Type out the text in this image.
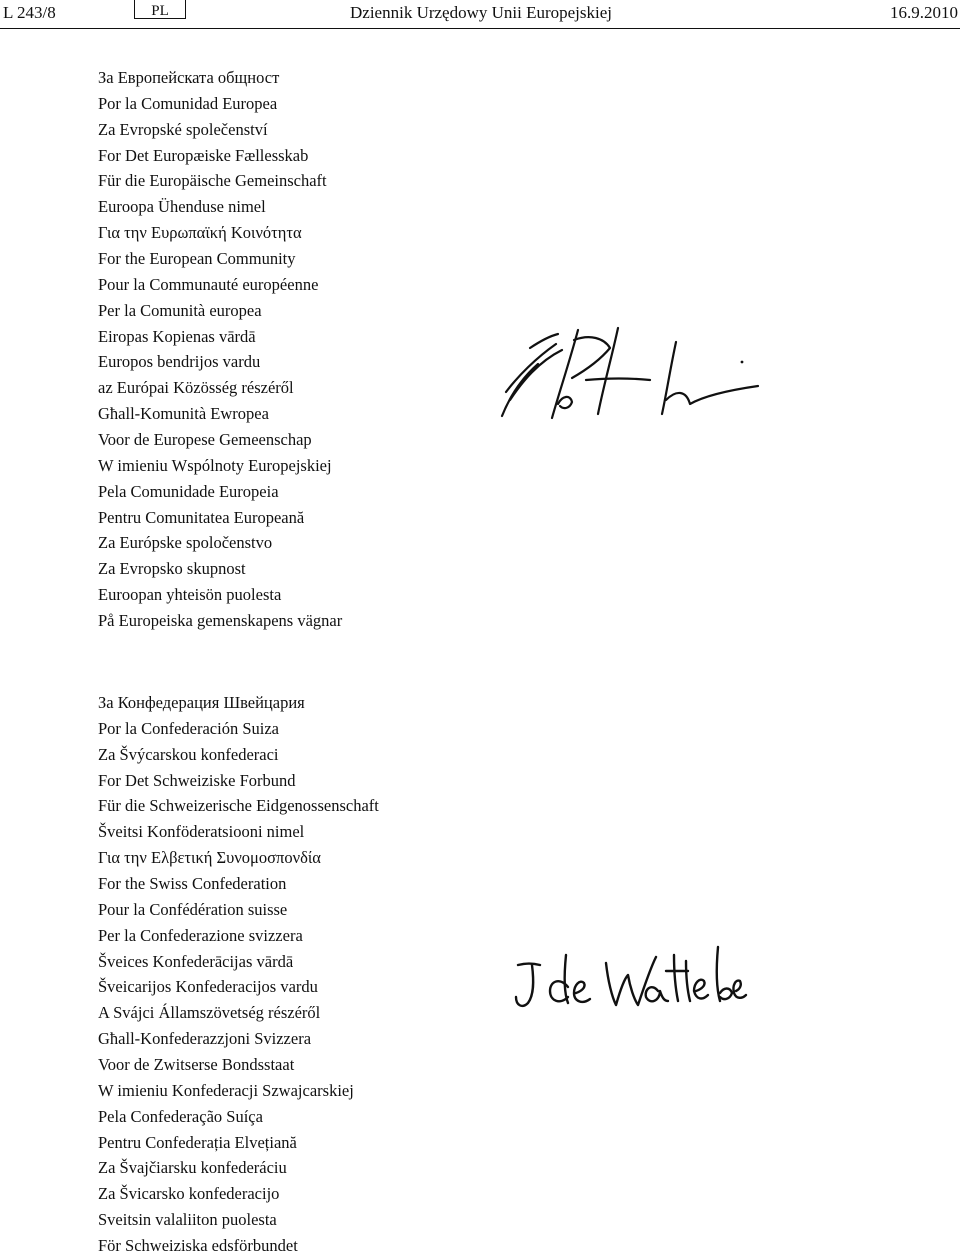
L 243/8	PL	Dziennik Urzędowy Unii Europejskiej	16.9.2010
За Европейската общност
Por la Comunidad Europea
Za Evropské společenství
For Det Europæiske Fællesskab
Für die Europäische Gemeinschaft
Euroopa Ühenduse nimel
Για την Ευρωπαϊκή Κοινότητα
For the European Community
Pour la Communauté européenne
Per la Comunità europea
Eiropas Kopienas vārdā
Europos bendrijos vardu
az Európai Közösség részéről
Għall-Komunità Ewropea
Voor de Europese Gemeenschap
W imieniu Wspólnoty Europejskiej
Pela Comunidade Europeia
Pentru Comunitatea Europeană
Za Európske spoločenstvo
Za Evropsko skupnost
Euroopan yhteisön puolesta
På Europeiska gemenskapens vägnar
За Конфедерация Швейцария
Por la Confederación Suiza
Za Švýcarskou konfederaci
For Det Schweiziske Forbund
Für die Schweizerische Eidgenossenschaft
Šveitsi Konföderatsiooni nimel
Για την Ελβετική Συνομοσπονδία
For the Swiss Confederation
Pour la Confédération suisse
Per la Confederazione svizzera
Šveices Konfederācijas vārdā
Šveicarijos Konfederacijos vardu
A Svájci Államszövetség részéről
Għall-Konfederazzjoni Svizzera
Voor de Zwitserse Bondsstaat
W imieniu Konfederacji Szwajcarskiej
Pela Confederação Suíça
Pentru Confederația Elvețiană
Za Švajčiarsku konfederáciu
Za Švicarsko konfederacijo
Sveitsin valaliiton puolesta
För Schweiziska edsförbundet
